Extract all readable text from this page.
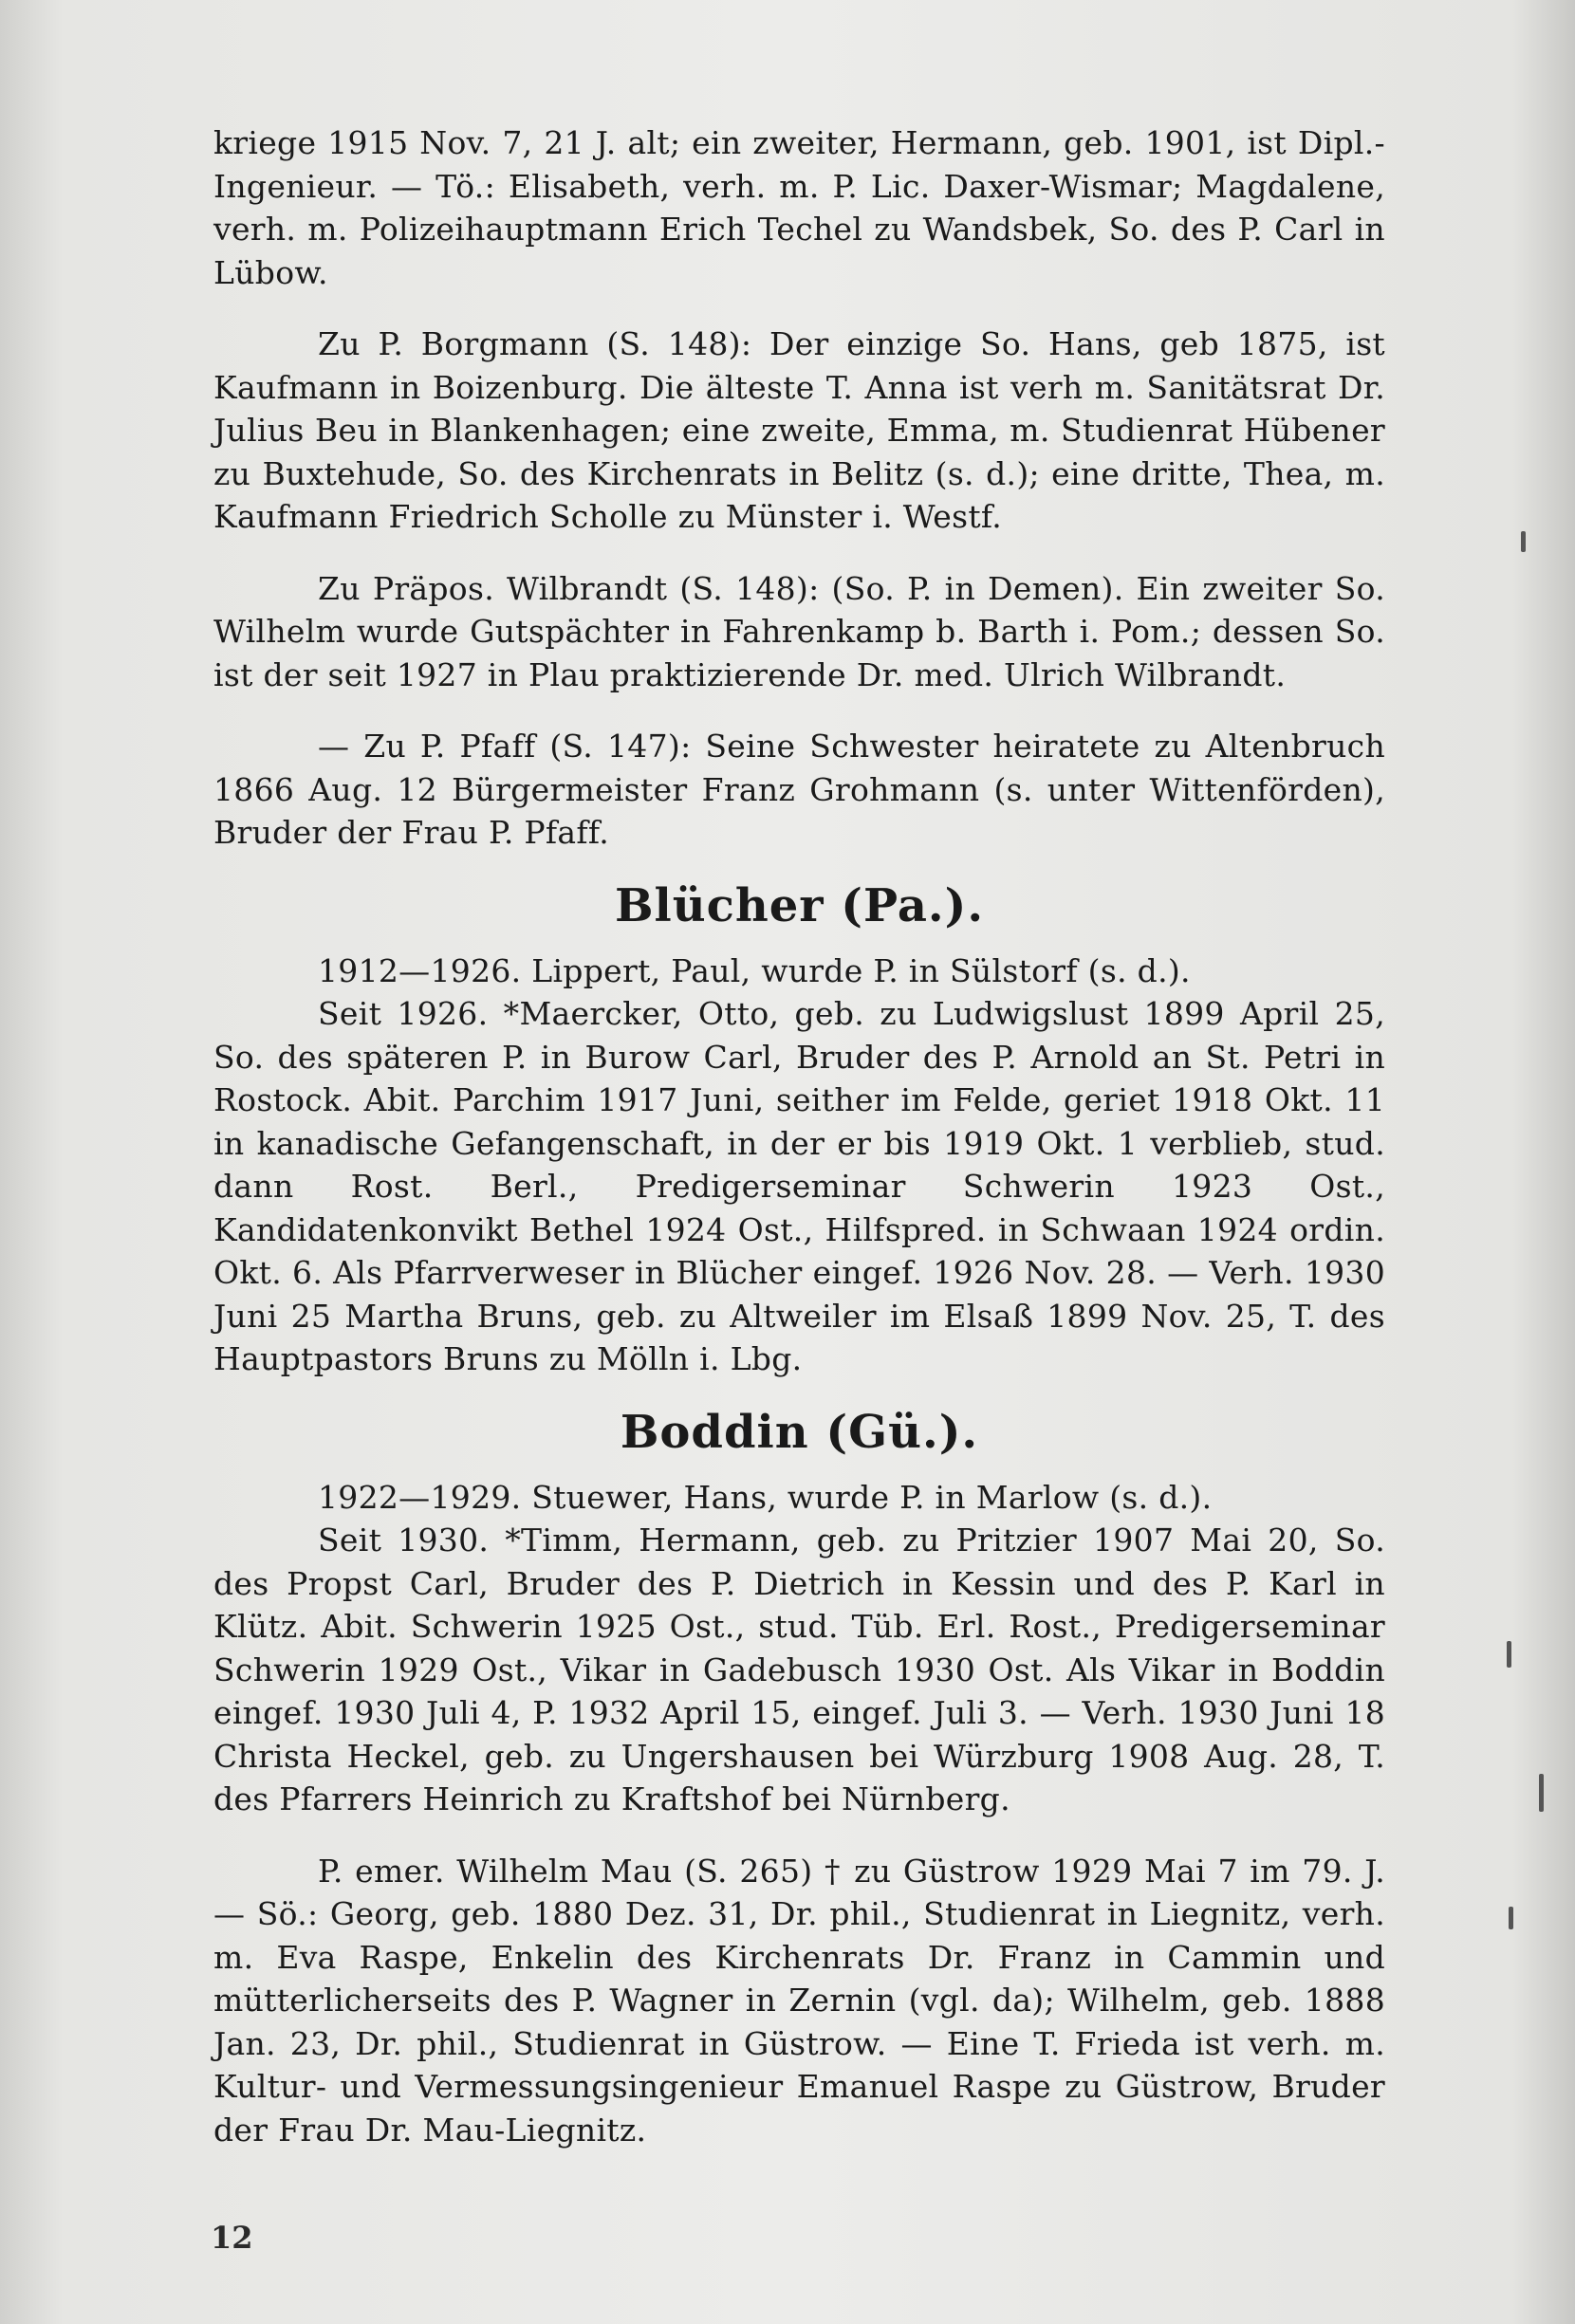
kriege 1915 Nov. 7, 21 J. alt; ein zweiter, Hermann, geb. 1901, ist Dipl.-Ingenieur. — Tö.: Elisabeth, verh. m. P. Lic. Daxer-Wismar; Magdalene, verh. m. Polizeihauptmann Erich Techel zu Wandsbek, So. des P. Carl in Lübow.

Zu P. Borgmann (S. 148): Der einzige So. Hans, geb 1875, ist Kaufmann in Boizenburg. Die älteste T. Anna ist verh m. Sanitätsrat Dr. Julius Beu in Blankenhagen; eine zweite, Emma, m. Studienrat Hübener zu Buxtehude, So. des Kirchenrats in Belitz (s. d.); eine dritte, Thea, m. Kaufmann Friedrich Scholle zu Münster i. Westf.

Zu Präpos. Wilbrandt (S. 148): (So. P. in Demen). Ein zweiter So. Wilhelm wurde Gutspächter in Fahrenkamp b. Barth i. Pom.; dessen So. ist der seit 1927 in Plau praktizierende Dr. med. Ulrich Wilbrandt.

— Zu P. Pfaff (S. 147): Seine Schwester heiratete zu Altenbruch 1866 Aug. 12 Bürgermeister Franz Grohmann (s. unter Wittenförden), Bruder der Frau P. Pfaff.

Blücher (Pa.).

1912—1926. Lippert, Paul, wurde P. in Sülstorf (s. d.).

Seit 1926. *Maercker, Otto, geb. zu Ludwigslust 1899 April 25, So. des späteren P. in Burow Carl, Bruder des P. Arnold an St. Petri in Rostock. Abit. Parchim 1917 Juni, seither im Felde, geriet 1918 Okt. 11 in kanadische Gefangenschaft, in der er bis 1919 Okt. 1 verblieb, stud. dann Rost. Berl., Predigerseminar Schwerin 1923 Ost., Kandidatenkonvikt Bethel 1924 Ost., Hilfspred. in Schwaan 1924 ordin. Okt. 6. Als Pfarrverweser in Blücher eingef. 1926 Nov. 28. — Verh. 1930 Juni 25 Martha Bruns, geb. zu Altweiler im Elsaß 1899 Nov. 25, T. des Hauptpastors Bruns zu Mölln i. Lbg.

Boddin (Gü.).

1922—1929. Stuewer, Hans, wurde P. in Marlow (s. d.).

Seit 1930. *Timm, Hermann, geb. zu Pritzier 1907 Mai 20, So. des Propst Carl, Bruder des P. Dietrich in Kessin und des P. Karl in Klütz. Abit. Schwerin 1925 Ost., stud. Tüb. Erl. Rost., Predigerseminar Schwerin 1929 Ost., Vikar in Gadebusch 1930 Ost. Als Vikar in Boddin eingef. 1930 Juli 4, P. 1932 April 15, eingef. Juli 3. — Verh. 1930 Juni 18 Christa Heckel, geb. zu Ungershausen bei Würzburg 1908 Aug. 28, T. des Pfarrers Heinrich zu Kraftshof bei Nürnberg.

P. emer. Wilhelm Mau (S. 265) † zu Güstrow 1929 Mai 7 im 79. J. — Sö.: Georg, geb. 1880 Dez. 31, Dr. phil., Studienrat in Liegnitz, verh. m. Eva Raspe, Enkelin des Kirchenrats Dr. Franz in Cammin und mütterlicherseits des P. Wagner in Zernin (vgl. da); Wilhelm, geb. 1888 Jan. 23, Dr. phil., Studienrat in Güstrow. — Eine T. Frieda ist verh. m. Kultur- und Vermessungsingenieur Emanuel Raspe zu Güstrow, Bruder der Frau Dr. Mau-Liegnitz.

12
